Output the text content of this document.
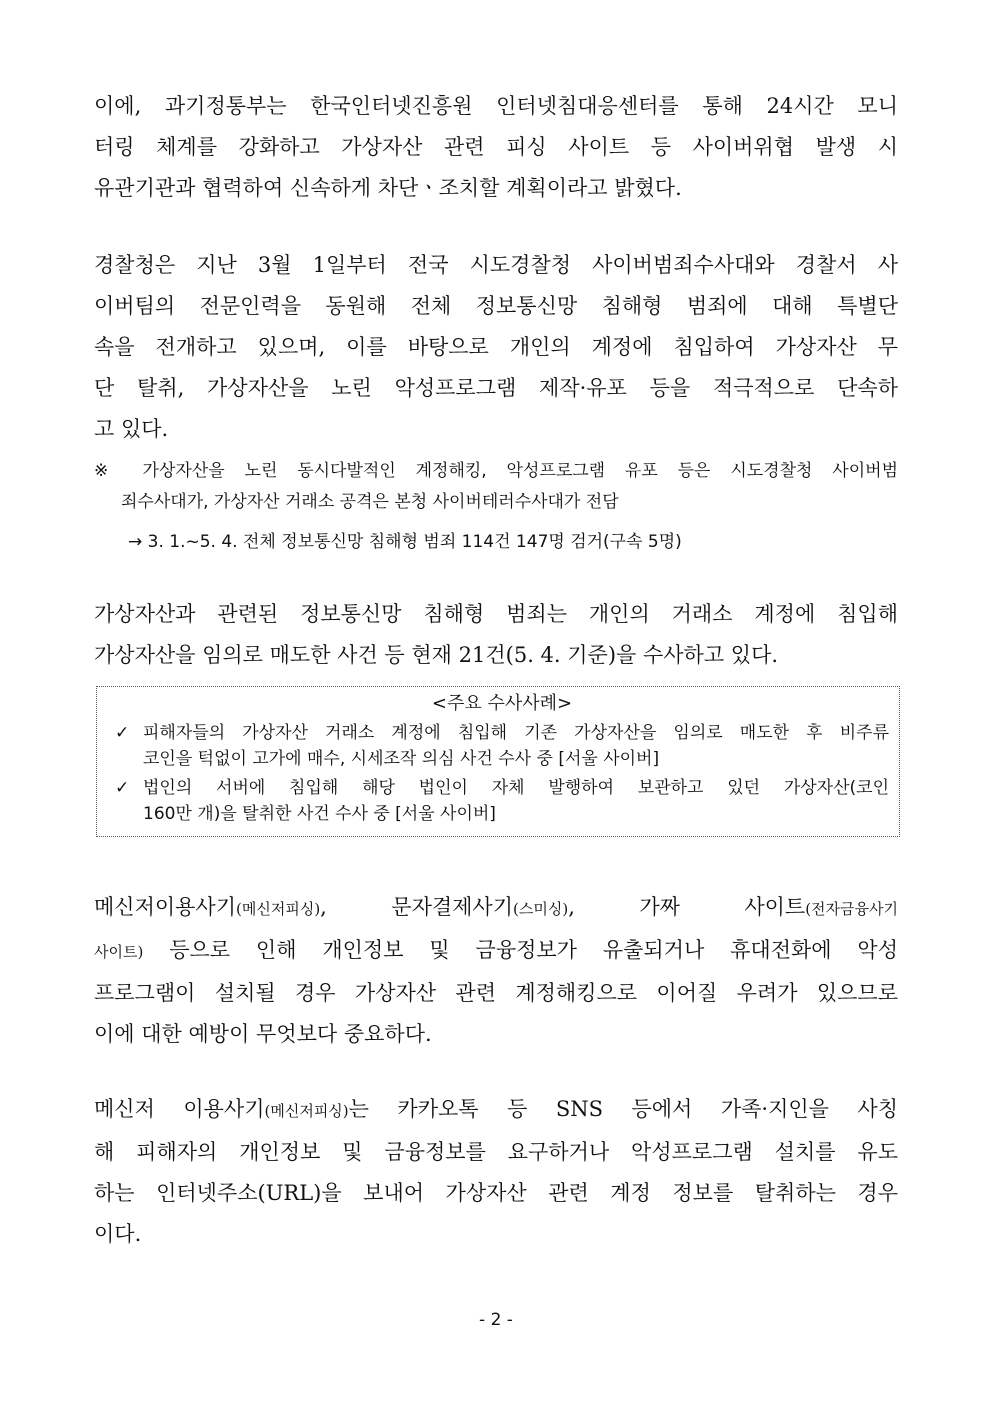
이에, 과기정통부는 한국인터넷진흥원 인터넷침대응센터를 통해 24시간 모니
터링 체계를 강화하고 가상자산 관련 피싱 사이트 등 사이버위협 발생 시
유관기관과 협력하여 신속하게 차단ㆍ조치할 계획이라고 밝혔다.

경찰청은 지난 3월 1일부터 전국 시도경찰청 사이버범죄수사대와 경찰서 사
이버팀의 전문인력을 동원해 전체 정보통신망 침해형 범죄에 대해 특별단
속을 전개하고 있으며, 이를 바탕으로 개인의 계정에 침입하여 가상자산 무
단 탈취, 가상자산을 노린 악성프로그램 제작·유포 등을 적극적으로 단속하
고 있다.

※ 가상자산을 노린 동시다발적인 계정해킹, 악성프로그램 유포 등은 시도경찰청 사이버범
죄수사대가, 가상자산 거래소 공격은 본청 사이버테러수사대가 전담

→ 3. 1.~5. 4. 전체 정보통신망 침해형 범죄 114건 147명 검거(구속 5명)

가상자산과 관련된 정보통신망 침해형 범죄는 개인의 거래소 계정에 침입해
가상자산을 임의로 매도한 사건 등 현재 21건(5. 4. 기준)을 수사하고 있다.

<주요 수사사례>
✓ 피해자들의 가상자산 거래소 계정에 침입해 기존 가상자산을 임의로 매도한 후 비주류
코인을 턱없이 고가에 매수, 시세조작 의심 사건 수사 중 [서울 사이버]
✓ 법인의 서버에 침입해 해당 법인이 자체 발행하여 보관하고 있던 가상자산(코인
160만 개)을 탈취한 사건 수사 중 [서울 사이버]

메신저이용사기(메신저피싱), 문자결제사기(스미싱), 가짜 사이트(전자금융사기
사이트) 등으로 인해 개인정보 및 금융정보가 유출되거나 휴대전화에 악성
프로그램이 설치될 경우 가상자산 관련 계정해킹으로 이어질 우려가 있으므로
이에 대한 예방이 무엇보다 중요하다.

메신저 이용사기(메신저피싱)는 카카오톡 등 SNS 등에서 가족·지인을 사칭
해 피해자의 개인정보 및 금융정보를 요구하거나 악성프로그램 설치를 유도
하는 인터넷주소(URL)을 보내어 가상자산 관련 계정 정보를 탈취하는 경우
이다.

- 2 -
